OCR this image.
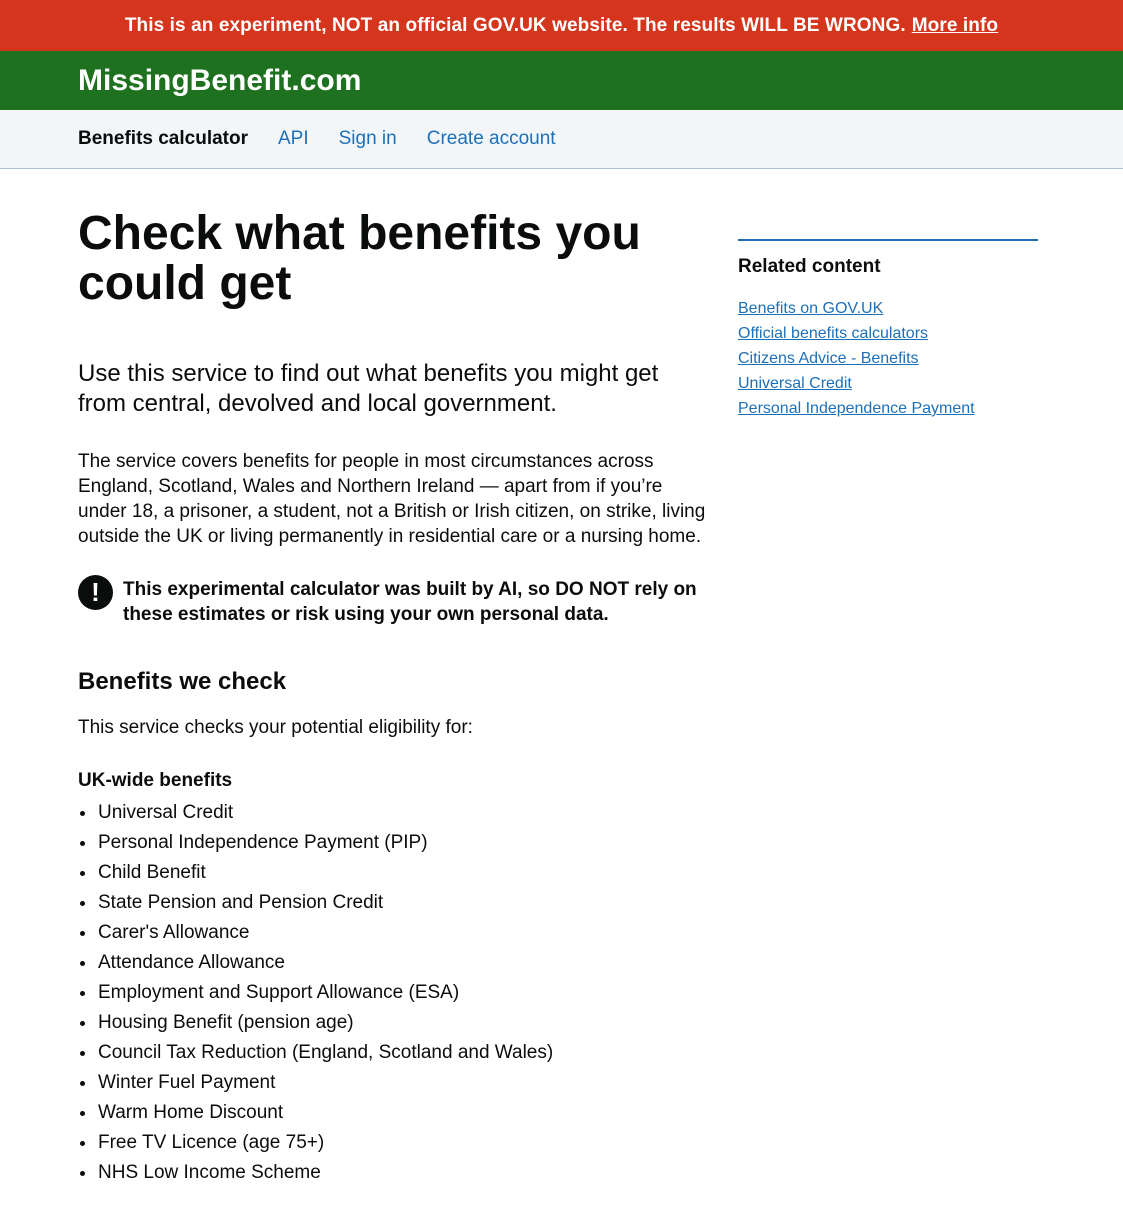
This is an experiment, NOT an official GOV.UK website. The results WILL BE WRONG. More info
MissingBenefit.com
Benefits calculator API Sign in Create account
Check what benefits you could get

Use this service to find out what benefits you might get from central, devolved and local government.

The service covers benefits for people in most circumstances across England, Scotland, Wales and Northern Ireland — apart from if you’re under 18, a prisoner, a student, not a British or Irish citizen, on strike, living outside the UK or living permanently in residential care or a nursing home.

!	This experimental calculator was built by AI, so DO NOT rely on these estimates or risk using your own personal data.
Benefits we check

This service checks your potential eligibility for:

UK-wide benefits
Universal Credit
Personal Independence Payment (PIP)
Child Benefit
State Pension and Pension Credit
Carer's Allowance
Attendance Allowance
Employment and Support Allowance (ESA)
Housing Benefit (pension age)
Council Tax Reduction (England, Scotland and Wales)
Winter Fuel Payment
Warm Home Discount
Free TV Licence (age 75+)
NHS Low Income Scheme
Related content
Benefits on GOV.UK
Official benefits calculators
Citizens Advice - Benefits
Universal Credit
Personal Independence Payment
